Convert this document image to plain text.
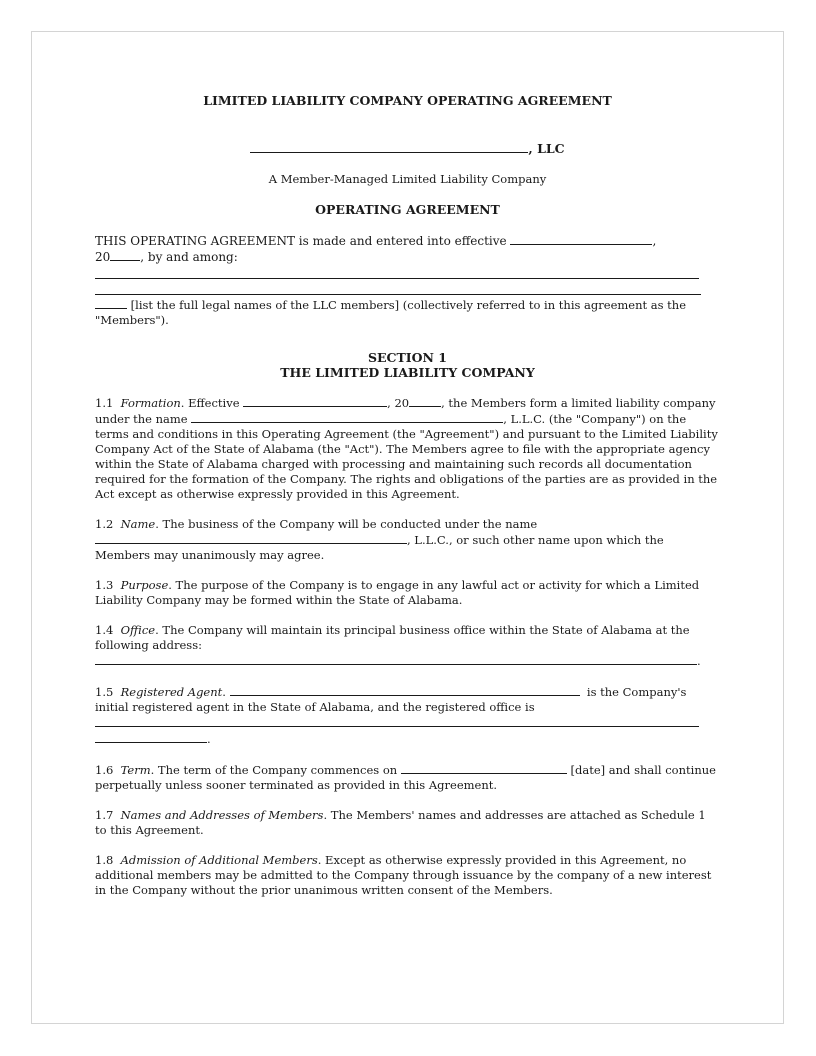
LIMITED LIABILITY COMPANY OPERATING AGREEMENT

, LLC

A Member-Managed Limited Liability Company

OPERATING AGREEMENT

THIS OPERATING AGREEMENT is made and entered into effective	,

20	, by and among:

[list the full legal names of the LLC members] (collectively referred to in this agreement as the "Members").

SECTION 1
THE LIMITED LIABILITY COMPANY
1.1 Formation. Effective	, 20	, the Members form a limited liability company under the name	, L.L.C. (the "Company") on the terms and conditions in this Operating Agreement (the "Agreement") and pursuant to the Limited Liability Company Act of the State of Alabama (the "Act"). The Members agree to file with the appropriate agency within the State of Alabama charged with processing and maintaining such records all documentation required for the formation of the Company. The rights and obligations of the parties are as provided in the Act except as otherwise expressly provided in this Agreement.
1.2 Name. The business of the Company will be conducted under the name
, L.L.C., or such other name upon which the Members may unanimously may agree.
1.3 Purpose. The purpose of the Company is to engage in any lawful act or activity for which a Limited Liability Company may be formed within the State of Alabama.
1.4 Office. The Company will maintain its principal business office within the State of Alabama at the following address:
.
1.5 Registered Agent.	is the Company's initial registered agent in the State of Alabama, and the registered office is

.
1.6 Term. The term of the Company commences on	[date] and shall continue perpetually unless sooner terminated as provided in this Agreement.
1.7 Names and Addresses of Members. The Members' names and addresses are attached as Schedule 1 to this Agreement.
1.8 Admission of Additional Members. Except as otherwise expressly provided in this Agreement, no additional members may be admitted to the Company through issuance by the company of a new interest in the Company without the prior unanimous written consent of the Members.
